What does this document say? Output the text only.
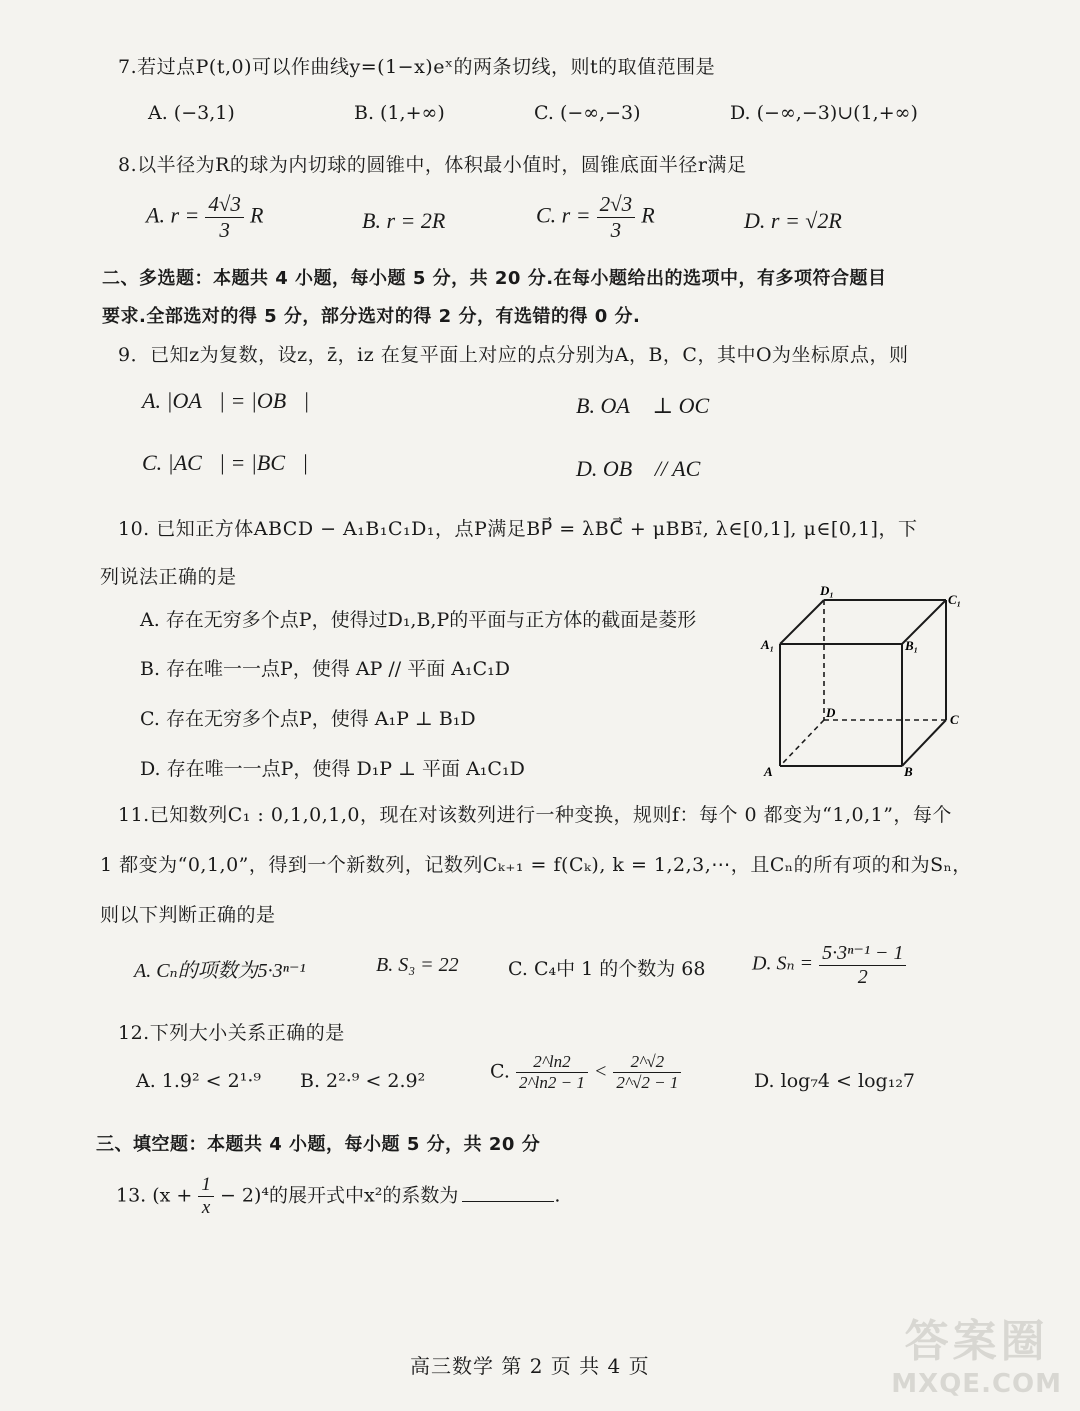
7.若过点P(t,0)可以作曲线y=(1−x)eˣ的两条切线，则t的取值范围是
A. (−3,1)	B. (1,+∞)	C. (−∞,−3)	D. (−∞,−3)∪(1,+∞)
8.以半径为R的球为内切球的圆锥中，体积最小值时，圆锥底面半径r满足
A. $r = \frac{4√3}{3}$ R	B. r = 2R	C. $r = \frac{2√3}{3}$ R	D. r = √2R
二、多选题：本题共 4 小题，每小题 5 分，共 20 分.在每小题给出的选项中，有多项符合题目
要求.全部选对的得 5 分，部分选对的得 2 分，有选错的得 0 分.
9．已知z为复数，设z，z̄，iz 在复平面上对应的点分别为A，B，C，其中O为坐标原点，则
A. |OA⃗| = |OB⃗|	B. OA⃗ ⊥ OC⃗
C. |AC⃗| = |BC⃗|	D. OB⃗ // AC⃗
10. 已知正方体ABCD − A₁B₁C₁D₁，点P满足BP⃗ = λBC⃗ + μBB₁⃗, λ∈[0,1], μ∈[0,1]，下
列说法正确的是
A. 存在无穷多个点P，使得过D₁,B,P的平面与正方体的截面是菱形
B. 存在唯一一点P，使得 AP // 平面 A₁C₁D
C. 存在无穷多个点P，使得 A₁P ⊥ B₁D
D. 存在唯一一点P，使得 D₁P ⊥ 平面 A₁C₁D
D₁
C₁
A₁	B₁
D	C
A	B
11.已知数列C₁ : 0,1,0,1,0，现在对该数列进行一种变换，规则f：每个 0 都变为“1,0,1”，每个
1 都变为“0,1,0”，得到一个新数列，记数列Cₖ₊₁ = f(Cₖ), k = 1,2,3,⋯，且Cₙ的所有项的和为Sₙ，
则以下判断正确的是
A. Cₙ的项数为5·3ⁿ⁻¹	B. S₃ = 22	C. C₄中 1 的个数为 68 D. $S_n = \frac{\text{5·3ⁿ⁻¹ − 1}}{2}$
12.下列大小关系正确的是
A. 1.9² < 2¹·⁹ B. 2²·⁹ < 2.9²	C. $\frac{2\^{}\ln 2}{2\^{}\ln 2 - 1} < \frac{2\^{}√2}{2\^{}√2 - 1}$	D. log₇4 < log₁₂7
三、填空题：本题共 4 小题，每小题 5 分，共 20 分
13. $(x + \frac{1}{x} - 2)^4$的展开式中x²的系数为	.
高三数学 第 2 页 共 4 页	答案圈
MXQE.COM
